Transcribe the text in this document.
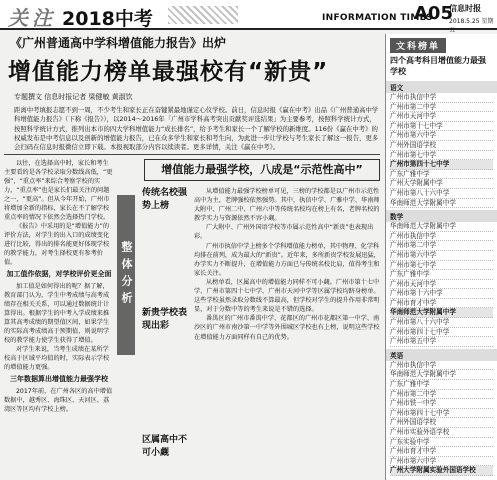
关注 2018中考	INFORMATION TIMES
A05
信息时报
2018.5.25 星期五
《广州普通高中学科增值能力报告》出炉
增值能力榜单最强校有“新贵”
专题撰文 信息时报记者 梁健敏 黄淑饮
距离中考填报志愿不到一周，不少考生和家长正在奋键紧最地谨定心仪学校。前日，信息时报《赢在中考》出品《广州普通高中学科增值能力报告》（下称《报告》），以2014～2016年「广州市学科高考突出贡献奖评选结果」为主要参考，按照科学统计方式，按照科学统计方式，推列出本市的四大学科增值能力“成长排名”，给予考生和家长一个了解学校的新维度。116份《赢在中考》的权威发布是中考信息以及创新的增值能力报告，已在众多学生和家长和考生向，为此进一步让学校与考生家长了解这一报告，更多会扫码在信息时报微信立即下载。本报视取部分内容以续读者。更多详情，关注《赢在中考》。

以往，在选择高中时，家长和考生主要看的是各学校录取分数线高低，“更强”，“重点率”来综合考察学校的实力，“重点率”也是家长们最关注的问题之一，“更高”。但从今年开始，广州市将增加全新的指标，家长在不了解学校重点率的情况下依然会选择热门学校。

《报告》中采用的是“增值能力”的评价方法，对学生的出入口的成绩变化进行比较，得出的排名能更好体现学校的教学能力，对考生择校更有参考价值。

加工值作依据，对学校评价更全面

加工值是如何得出的呢？据了解，教育部门认为，学生中考成绩与高考成绩存在相关关系，可以通过数据统计计算得出。根据学生的中考入学成绩来推算其高考成绩的期望值区间，如果学生的实际高考成绩高于预期值，则说明学校的教学能力使学生获得了增值。

对学生来说，当考生成绩在某所学校高于区域平均值的时，实际表示学校的增值能力更强。

三年数据算出增值能力最强学校

2017年前，在广州各区的高中增值数据中，越秀区、海珠区、天河区、荔湾区等区均有学校上榜。

整体分析
增值能力最强学校，八成是“示范性高中”
传统名校强势上榜
新贵学校表现出彩

从增值能力最强学校榜单可见，三榜的学校都是以广州市示范性高中为主，老牌强校依然强势。其中，执信中学、广雅中学、华南师大附中、广州二中、广州六中等传统名校均在榜上有名，老牌名校的教学实力与资源依然不容小觑。

广大附中、广州外国语学校等市属示范性高中“新贵”也表现出彩。

广州市执信中学上榜多个学科增值能力榜单，其中物理、化学科均排在前列，成为最大的“新贵”。近年来，多所新贵学校发展迅猛，办学实力不断提升，在增值能力方面已与传统名校比肩，值得考生和家长关注。

从榜单看，区属高中的增值能力同样不可小觑。广州市第十七中学、广州市第四十七中学、广州市天河中学等区属学校均跻身榜单。这些学校虽然录取分数线不算最高，但学校对学生的提升作用非常明显，对于分数中等的考生来说是不错的选择。

番禺区的广州市番禺中学、花都区的广州市花都区第一中学、南沙区的广州市南沙第一中学等外围城区学校也有上榜，说明这些学校在增值能力方面同样有自己的优势。

区属高中不可小觑
文科榜单
四个高考科目增值能力最强学校
语文
广州市执信中学
广州市第二中学
广州市天河中学
广州市第十七中学
广州市第六中学
广州外国语学校
广州市第七中学
广州市第四十七中学
广东广雅中学
广州大学附属中学
广州市第八十六中学
华南师范大学附属中学
数学
华南师范大学附属中学
广州市执信中学
广州市第二中学
广州市第六中学
广州市第七中学
广东广雅中学
广州市天河中学
广州市第十六中学
广州市育才中学
华南师范大学附属中学
广州市第八十六中学
广州市第四十七中学
广州市第五中学
英语
广州市执信中学
华南师范大学附属中学
广东广雅中学
广州市第二中学
广州市铁一中学
广州市第四十七中学
广州外国语学校
广州市实验外语学校
广东实验中学
广州市育才中学
广州市第六中学
广州大学附属实验外国语学校
